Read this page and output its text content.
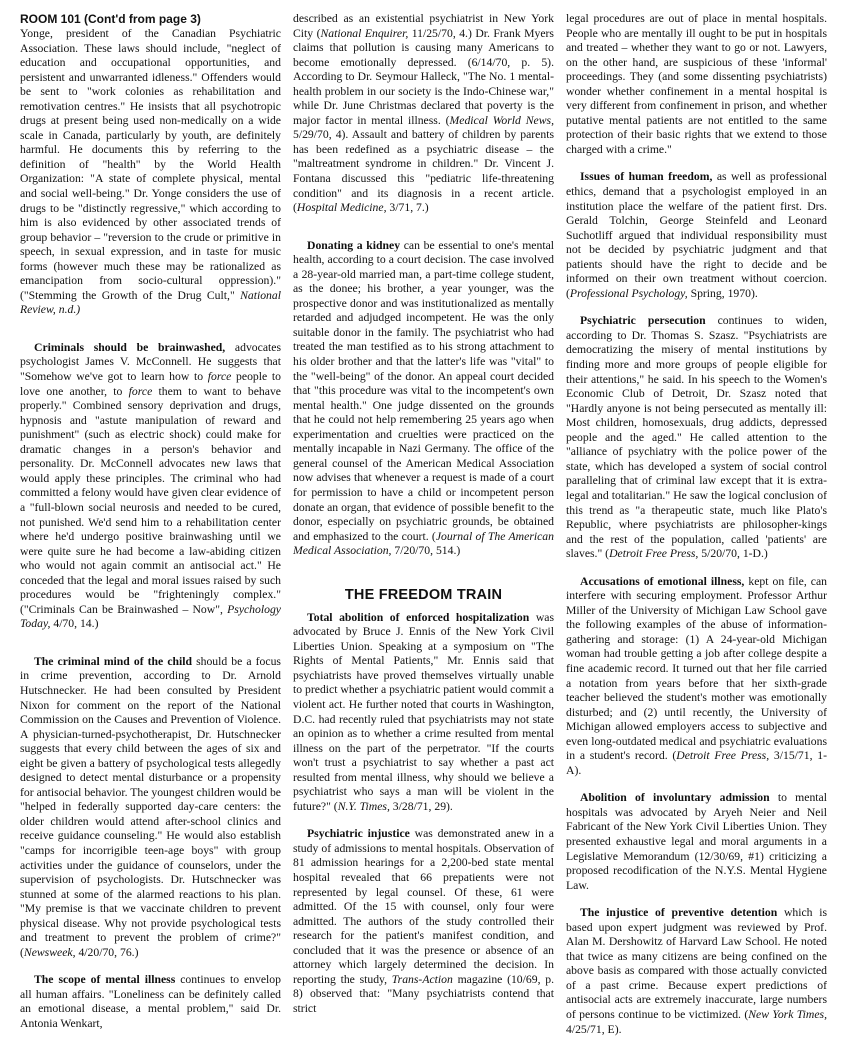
ROOM 101 (Cont'd from page 3)

Yonge, president of the Canadian Psychiatric Association. These laws should include, "neglect of education and occupational opportunities, and persistent and unwarranted idleness." Offenders would be sent to "work colonies as rehabilitation and remotivation centres." He insists that all psychotropic drugs at present being used non-medically on a wide scale in Canada, particularly by youth, are definitely harmful. He documents this by referring to the definition of "health" by the World Health Organization: "A state of complete physical, mental and social well-being." Dr. Yonge considers the use of drugs to be "distinctly regressive," which according to him is also evidenced by other associated trends of group behavior – "reversion to the crude or primitive in speech, in sexual expression, and in taste for music forms (however much these may be rationalized as emancipation from socio-cultural oppression)." ("Stemming the Growth of the Drug Cult," National Review, n.d.)

Criminals should be brainwashed, advocates psychologist James V. McConnell. He suggests that "Somehow we've got to learn how to force people to love one another, to force them to want to behave properly." Combined sensory deprivation and drugs, hypnosis and "astute manipulation of reward and punishment" (such as electric shock) could make for dramatic changes in a person's behavior and personality. Dr. McConnell advocates new laws that would apply these principles. The criminal who had committed a felony would have given clear evidence of a "full-blown social neurosis and needed to be cured, not punished. We'd send him to a rehabilitation center where he'd undergo positive brainwashing until we were quite sure he had become a law-abiding citizen who would not again commit an antisocial act." He conceded that the legal and moral issues raised by such procedures would be "frighteningly complex." ("Criminals Can be Brainwashed – Now", Psychology Today, 4/70, 14.)

The criminal mind of the child should be a focus in crime prevention, according to Dr. Arnold Hutschnecker. He had been consulted by President Nixon for comment on the report of the National Commission on the Causes and Prevention of Violence. A physician-turned-psychotherapist, Dr. Hutschnecker suggests that every child between the ages of six and eight be given a battery of psychological tests allegedly designed to detect mental disturbance or a propensity for antisocial behavior. The youngest children would be "helped in federally supported day-care centers: the older children would attend after-school clinics and receive guidance counseling." He would also establish "camps for incorrigible teen-age boys" with group activities under the guidance of counselors, under the supervision of psychologists. Dr. Hutschnecker was stunned at some of the alarmed reactions to his plan. "My premise is that we vaccinate children to prevent physical disease. Why not provide psychological tests and treatment to prevent the problem of crime?" (Newsweek, 4/20/70, 76.)

The scope of mental illness continues to envelop all human affairs. "Loneliness can be definitely called an emotional disease, a mental problem," said Dr. Antonia Wenkart,

described as an existential psychiatrist in New York City (National Enquirer, 11/25/70, 4.) Dr. Frank Myers claims that pollution is causing many Americans to become emotionally depressed. (6/14/70, p. 5). According to Dr. Seymour Halleck, "The No. 1 mental-health problem in our society is the Indo-Chinese war," while Dr. June Christmas declared that poverty is the major factor in mental illness. (Medical World News, 5/29/70, 4). Assault and battery of children by parents has been redefined as a psychiatric disease – the "maltreatment syndrome in children." Dr. Vincent J. Fontana discussed this "pediatric life-threatening condition" and its diagnosis in a recent article. (Hospital Medicine, 3/71, 7.)

Donating a kidney can be essential to one's mental health, according to a court decision. The case involved a 28-year-old married man, a part-time college student, as the donee; his brother, a year younger, was the prospective donor and was institutionalized as mentally retarded and adjudged incompetent. He was the only suitable donor in the family. The psychiatrist who had treated the man testified as to his strong attachment to his older brother and that the latter's life was "vital" to the "well-being" of the donor. An appeal court decided that "this procedure was vital to the incompetent's own mental health." One judge dissented on the grounds that he could not help remembering 25 years ago when experimentation and cruelties were practiced on the mentally incapable in Nazi Germany. The office of the general counsel of the American Medical Association now advises that whenever a request is made of a court for permission to have a child or incompetent person donate an organ, that evidence of possible benefit to the donor, especially on psychiatric grounds, be obtained and emphasized to the court. (Journal of The American Medical Association, 7/20/70, 514.)

THE FREEDOM TRAIN

Total abolition of enforced hospitalization was advocated by Bruce J. Ennis of the New York Civil Liberties Union. Speaking at a symposium on "The Rights of Mental Patients," Mr. Ennis said that psychiatrists have proved themselves virtually unable to predict whether a psychiatric patient would commit a violent act. He further noted that courts in Washington, D.C. had recently ruled that psychiatrists may not state an opinion as to whether a crime resulted from mental illness on the part of the perpetrator. "If the courts won't trust a psychiatrist to say whether a past act resulted from mental illness, why should we believe a psychiatrist who says a man will be violent in the future?" (N.Y. Times, 3/28/71, 29).

Psychiatric injustice was demonstrated anew in a study of admissions to mental hospitals. Observation of 81 admission hearings for a 2,200-bed state mental hospital revealed that 66 prepatients were not represented by legal counsel. Of these, 61 were admitted. Of the 15 with counsel, only four were admitted. The authors of the study controlled their research for the patient's manifest condition, and concluded that it was the presence or absence of an attorney which largely determined the decision. In reporting the study, Trans-Action magazine (10/69, p. 8) observed that: "Many psychiatrists contend that strict

legal procedures are out of place in mental hospitals. People who are mentally ill ought to be put in hospitals and treated – whether they want to go or not. Lawyers, on the other hand, are suspicious of these 'informal' proceedings. They (and some dissenting psychiatrists) wonder whether confinement in a mental hospital is very different from confinement in prison, and whether putative mental patients are not entitled to the same protection of their basic rights that we extend to those charged with a crime."

Issues of human freedom, as well as professional ethics, demand that a psychologist employed in an institution place the welfare of the patient first. Drs. Gerald Tolchin, George Steinfeld and Leonard Suchotliff argued that individual responsibility must not be decided by psychiatric judgment and that patients should have the right to decide and be informed on their own treatment without coercion. (Professional Psychology, Spring, 1970).

Psychiatric persecution continues to widen, according to Dr. Thomas S. Szasz. "Psychiatrists are democratizing the misery of mental institutions by finding more and more groups of people eligible for their attentions," he said. In his speech to the Women's Economic Club of Detroit, Dr. Szasz noted that "Hardly anyone is not being persecuted as mentally ill: Most children, homosexuals, drug addicts, depressed people and the aged." He called attention to the "alliance of psychiatry with the police power of the state, which has developed a system of social control paralleling that of criminal law except that it is extra-legal and totalitarian." He saw the logical conclusion of this trend as "a therapeutic state, much like Plato's Republic, where psychiatrists are philosopher-kings and the rest of the population, called 'patients' are slaves." (Detroit Free Press, 5/20/70, 1-D.)

Accusations of emotional illness, kept on file, can interfere with securing employment. Professor Arthur Miller of the University of Michigan Law School gave the following examples of the abuse of information-gathering and storage: (1) A 24-year-old Michigan woman had trouble getting a job after college despite a fine academic record. It turned out that her file carried a notation from years before that her sixth-grade teacher believed the student's mother was emotionally disturbed; and (2) until recently, the University of Michigan allowed employers access to subjective and even long-outdated medical and psychiatric evaluations in a student's record. (Detroit Free Press, 3/15/71, 1-A).

Abolition of involuntary admission to mental hospitals was advocated by Aryeh Neier and Neil Fabricant of the New York Civil Liberties Union. They presented exhaustive legal and moral arguments in a Legislative Memorandum (12/30/69, #1) criticizing a proposed recodification of the N.Y.S. Mental Hygiene Law.

The injustice of preventive detention which is based upon expert judgment was reviewed by Prof. Alan M. Dershowitz of Harvard Law School. He noted that twice as many citizens are being confined on the above basis as compared with those actually convicted of a past crime. Because expert predictions of antisocial acts are extremely inaccurate, large numbers of persons continue to be victimized. (New York Times, 4/25/71, E).
